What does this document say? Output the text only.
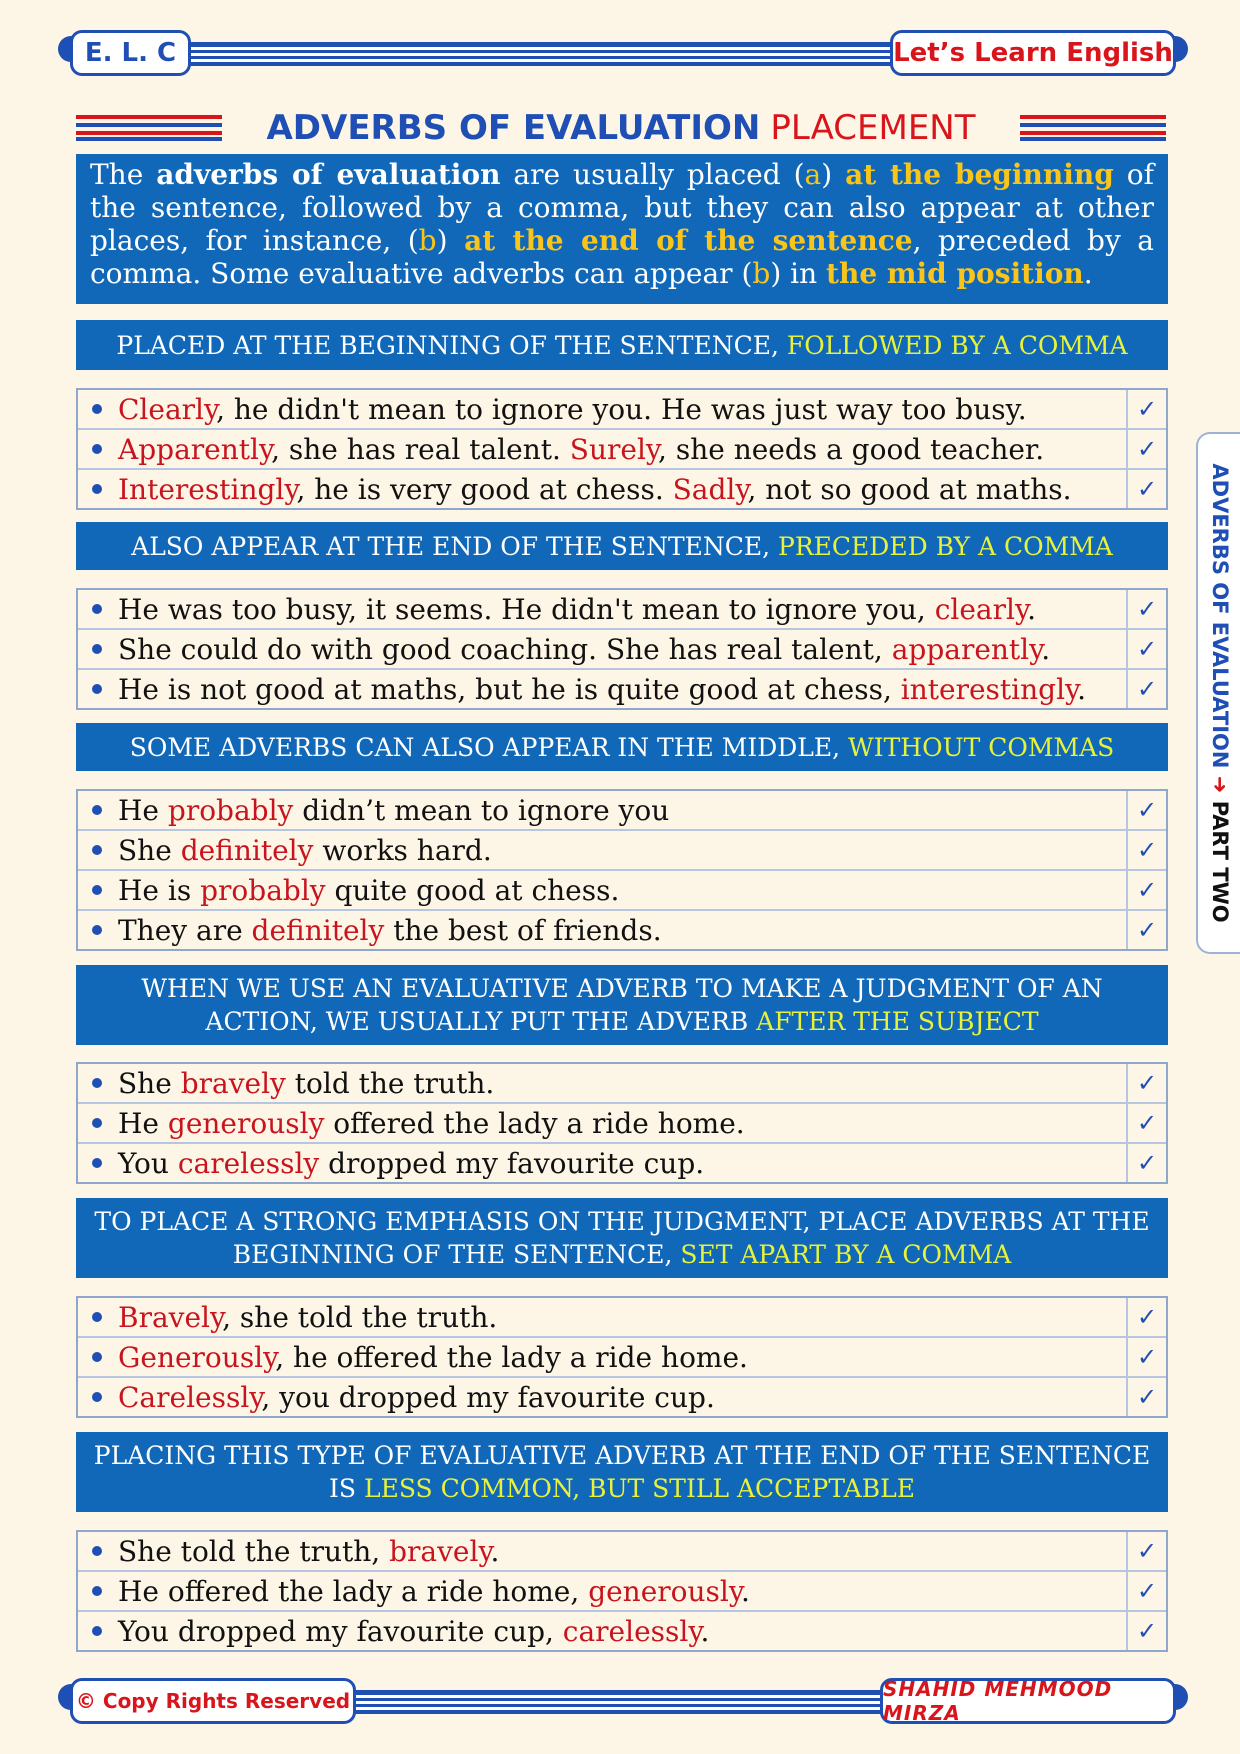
E. L. C	Let’s Learn English
ADVERBS OF EVALUATION PLACEMENT
The adverbs of evaluation are usually placed (a) at the beginning of the sentence, followed by a comma, but they can also appear at other places, for instance, (b) at the end of the sentence, preceded by a comma. Some evaluative adverbs can appear (b) in the mid position.
PLACED AT THE BEGINNING OF THE SENTENCE, FOLLOWED BY A COMMA
Clearly, he didn't mean to ignore you. He was just way too busy.	✓
Apparently, she has real talent. Surely, she needs a good teacher.	✓
Interestingly, he is very good at chess. Sadly, not so good at maths.	✓
ALSO APPEAR AT THE END OF THE SENTENCE, PRECEDED BY A COMMA
He was too busy, it seems. He didn't mean to ignore you, clearly.	✓
She could do with good coaching. She has real talent, apparently.	✓
He is not good at maths, but he is quite good at chess, interestingly.	✓
SOME ADVERBS CAN ALSO APPEAR IN THE MIDDLE, WITHOUT COMMAS
He probably didn’t mean to ignore you	✓
She definitely works hard.	✓
He is probably quite good at chess.	✓
They are definitely the best of friends.	✓
WHEN WE USE AN EVALUATIVE ADVERB TO MAKE A JUDGMENT OF AN ACTION, WE USUALLY PUT THE ADVERB AFTER THE SUBJECT
She bravely told the truth.	✓
He generously offered the lady a ride home.	✓
You carelessly dropped my favourite cup.	✓
TO PLACE A STRONG EMPHASIS ON THE JUDGMENT, PLACE ADVERBS AT THE BEGINNING OF THE SENTENCE, SET APART BY A COMMA
Bravely, she told the truth.	✓
Generously, he offered the lady a ride home.	✓
Carelessly, you dropped my favourite cup.	✓
PLACING THIS TYPE OF EVALUATIVE ADVERB AT THE END OF THE SENTENCE IS LESS COMMON, BUT STILL ACCEPTABLE
She told the truth, bravely.	✓
He offered the lady a ride home, generously.	✓
You dropped my favourite cup, carelessly.	✓
ADVERBS OF EVALUATION ➜ PART TWO
© Copy Rights Reserved	SHAHID MEHMOOD MIRZA
